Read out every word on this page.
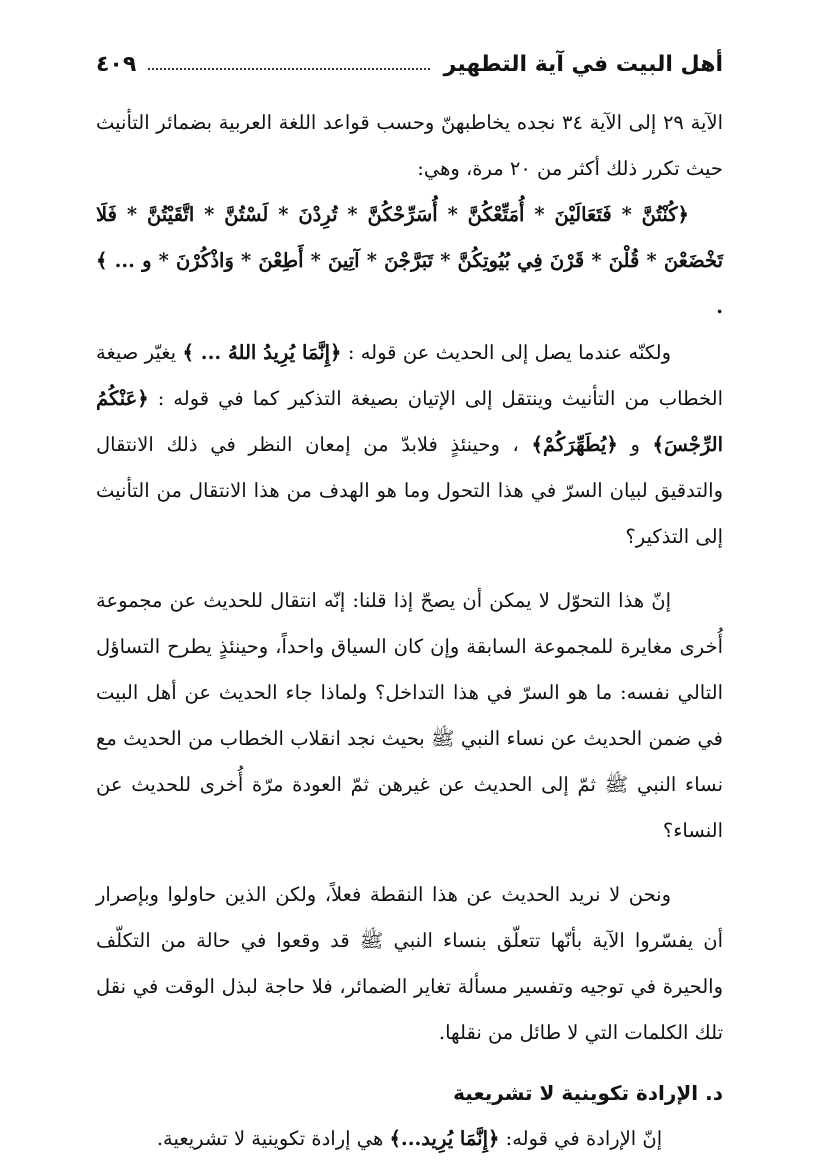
أهل البيت في آية التطهير
٤٠٩

الآية ٢٩ إلى الآية ٣٤ نجده يخاطبهنّ وحسب قواعد اللغة العربية بضمائر التأنيث حيث تكرر ذلك أكثر من ٢٠ مرة، وهي:

﴿كُنْتُنَّ * فَتَعَالَيْنَ * أُمَتِّعْكُنَّ * أُسَرِّحْكُنَّ * تُرِدْنَ * لَسْتُنَّ * اتَّقَيْتُنَّ * فَلَا تَخْضَعْنَ * قُلْنَ * قَرْنَ فِي بُيُوتِكُنَّ * تَبَرَّجْنَ * آتِينَ * أَطِعْنَ * وَاذْكُرْنَ * و ... ﴾ .

ولكنّه عندما يصل إلى الحديث عن قوله : ﴿إِنَّمَا يُرِيدُ اللهُ ... ﴾ يغيّر صيغة الخطاب من التأنيث وينتقل إلى الإتيان بصيغة التذكير كما في قوله : ﴿عَنْكُمُ الرِّجْسَ﴾ و ﴿يُطَهِّرَكُمْ﴾ ، وحينئذٍ فلابدّ من إمعان النظر في ذلك الانتقال والتدقيق لبيان السرّ في هذا التحول وما هو الهدف من هذا الانتقال من التأنيث إلى التذكير؟

إنّ هذا التحوّل لا يمكن أن يصحّ إذا قلنا: إنّه انتقال للحديث عن مجموعة أُخرى مغايرة للمجموعة السابقة وإن كان السياق واحداً، وحينئذٍ يطرح التساؤل التالي نفسه: ما هو السرّ في هذا التداخل؟ ولماذا جاء الحديث عن أهل البيت في ضمن الحديث عن نساء النبي ﷺ بحيث نجد انقلاب الخطاب من الحديث مع نساء النبي ﷺ ثمّ إلى الحديث عن غيرهن ثمّ العودة مرّة أُخرى للحديث عن النساء؟

ونحن لا نريد الحديث عن هذا النقطة فعلاً، ولكن الذين حاولوا وبإصرار أن يفسّروا الآية بأنّها تتعلّق بنساء النبي ﷺ قد وقعوا في حالة من التكلّف والحيرة في توجيه وتفسير مسألة تغاير الضمائر، فلا حاجة لبذل الوقت في نقل تلك الكلمات التي لا طائل من نقلها.

د. الإرادة تكوينية لا تشريعية

إنّ الإرادة في قوله: ﴿إِنَّمَا يُرِيد...﴾ هي إرادة تكوينية لا تشريعية.
